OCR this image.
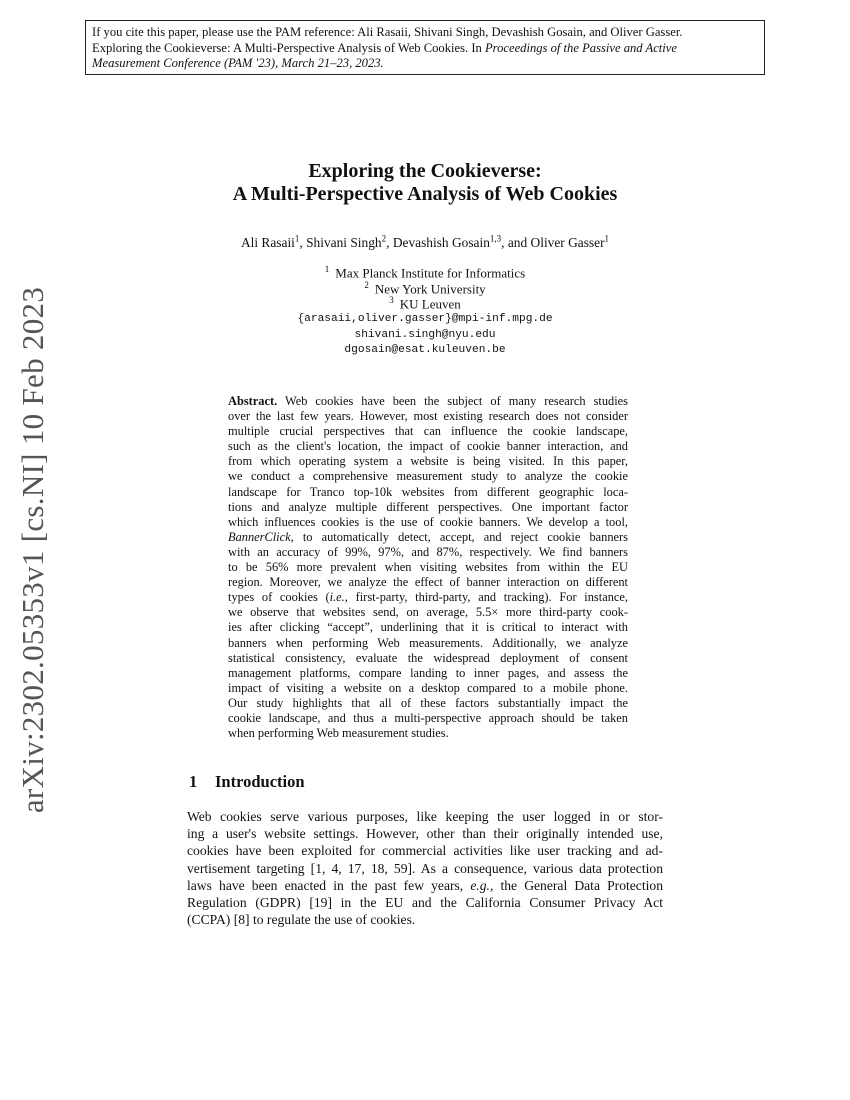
If you cite this paper, please use the PAM reference: Ali Rasaii, Shivani Singh, Devashish Gosain, and Oliver Gasser.
Exploring the Cookieverse: A Multi-Perspective Analysis of Web Cookies. In Proceedings of the Passive and Active
Measurement Conference (PAM '23), March 21–23, 2023.
arXiv:2302.05353v1 [cs.NI] 10 Feb 2023
Exploring the Cookieverse:
A Multi-Perspective Analysis of Web Cookies
Ali Rasaii$^1$, Shivani Singh$^2$, Devashish Gosain$^{1,3}$, and Oliver Gasser$^1$
$^1$ Max Planck Institute for Informatics
$^2$ New York University
$^3$ KU Leuven
{arasaii,oliver.gasser}@mpi-inf.mpg.de
shivani.singh@nyu.edu
dgosain@esat.kuleuven.be
Abstract. Web cookies have been the subject of many research studies
over the last few years. However, most existing research does not consider
multiple crucial perspectives that can influence the cookie landscape,
such as the client's location, the impact of cookie banner interaction, and
from which operating system a website is being visited. In this paper,
we conduct a comprehensive measurement study to analyze the cookie
landscape for Tranco top-10k websites from different geographic loca-
tions and analyze multiple different perspectives. One important factor
which influences cookies is the use of cookie banners. We develop a tool,
BannerClick, to automatically detect, accept, and reject cookie banners
with an accuracy of 99%, 97%, and 87%, respectively. We find banners
to be 56% more prevalent when visiting websites from within the EU
region. Moreover, we analyze the effect of banner interaction on different
types of cookies (i.e., first-party, third-party, and tracking). For instance,
we observe that websites send, on average, 5.5× more third-party cook-
ies after clicking “accept”, underlining that it is critical to interact with
banners when performing Web measurements. Additionally, we analyze
statistical consistency, evaluate the widespread deployment of consent
management platforms, compare landing to inner pages, and assess the
impact of visiting a website on a desktop compared to a mobile phone.
Our study highlights that all of these factors substantially impact the
cookie landscape, and thus a multi-perspective approach should be taken
when performing Web measurement studies.
1 Introduction
Web cookies serve various purposes, like keeping the user logged in or stor-
ing a user's website settings. However, other than their originally intended use,
cookies have been exploited for commercial activities like user tracking and ad-
vertisement targeting [1, 4, 17, 18, 59]. As a consequence, various data protection
laws have been enacted in the past few years, e.g., the General Data Protection
Regulation (GDPR) [19] in the EU and the California Consumer Privacy Act
(CCPA) [8] to regulate the use of cookies.
